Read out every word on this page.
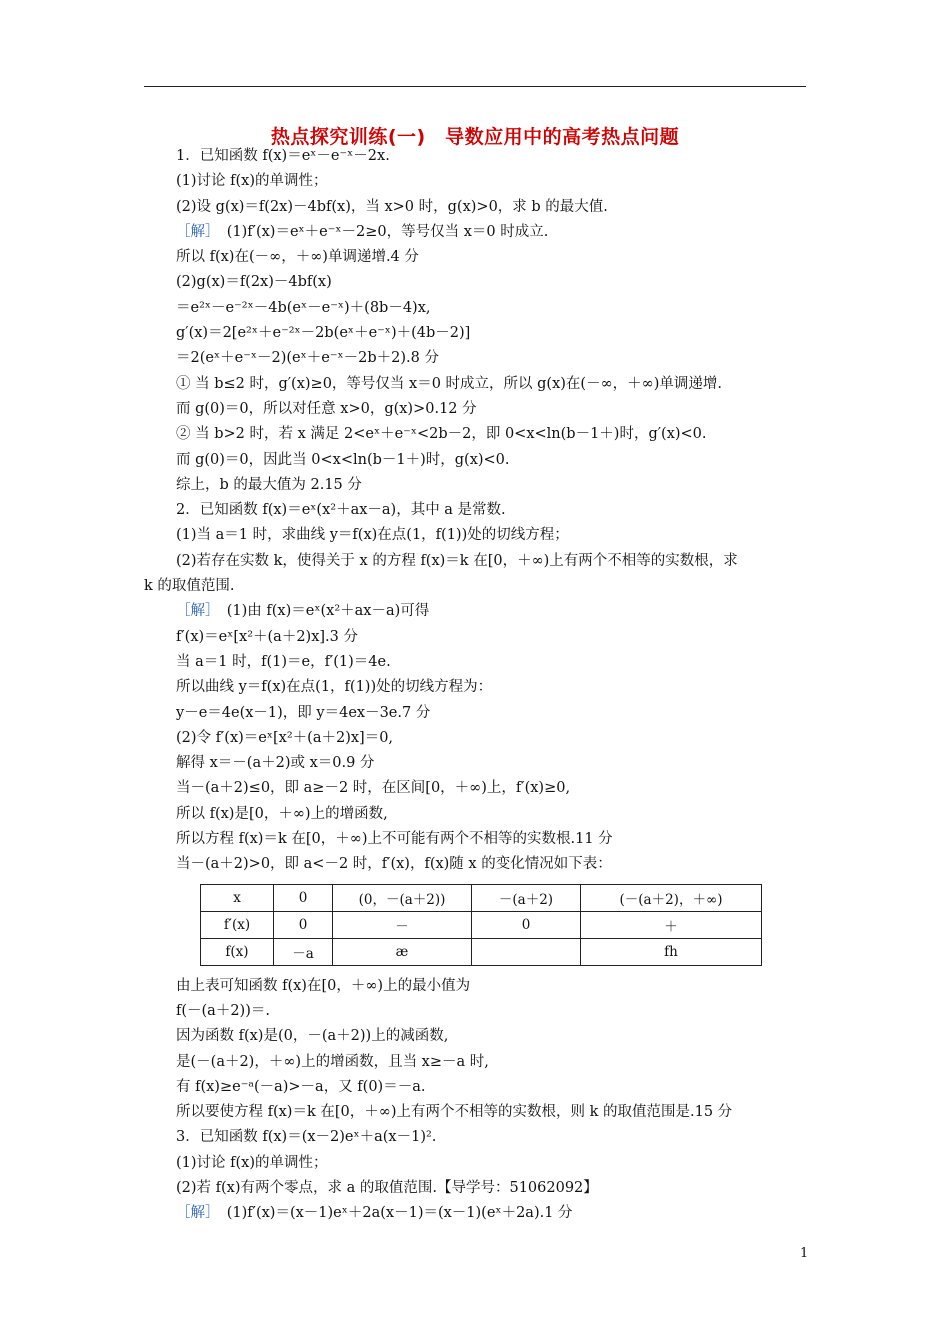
热点探究训练(一)　导数应用中的高考热点问题
1．已知函数 f(x)＝eˣ－e⁻ˣ－2x.
(1)讨论 f(x)的单调性；
(2)设 g(x)＝f(2x)－4bf(x)，当 x>0 时，g(x)>0，求 b 的最大值.
［解］　(1)f′(x)＝eˣ＋e⁻ˣ－2≥0，等号仅当 x＝0 时成立.
所以 f(x)在(－∞，＋∞)单调递增.4 分
(2)g(x)＝f(2x)－4bf(x)
＝e²ˣ－e⁻²ˣ－4b(eˣ－e⁻ˣ)＋(8b－4)x,
g′(x)＝2[e²ˣ＋e⁻²ˣ－2b(eˣ＋e⁻ˣ)＋(4b－2)]
＝2(eˣ＋e⁻ˣ－2)(eˣ＋e⁻ˣ－2b＋2).8 分
① 当 b≤2 时，g′(x)≥0，等号仅当 x＝0 时成立，所以 g(x)在(－∞，＋∞)单调递增.
而 g(0)＝0，所以对任意 x>0，g(x)>0.12 分
② 当 b>2 时，若 x 满足 2<eˣ＋e⁻ˣ<2b－2，即 0<x<ln(b－1＋)时，g′(x)<0.
而 g(0)＝0，因此当 0<x<ln(b－1＋)时，g(x)<0.
综上，b 的最大值为 2.15 分
2．已知函数 f(x)＝eˣ(x²＋ax－a)，其中 a 是常数.
(1)当 a＝1 时，求曲线 y＝f(x)在点(1，f(1))处的切线方程；
(2)若存在实数 k，使得关于 x 的方程 f(x)＝k 在[0，＋∞)上有两个不相等的实数根，求
k 的取值范围.
［解］　(1)由 f(x)＝eˣ(x²＋ax－a)可得
f′(x)＝eˣ[x²＋(a＋2)x].3 分
当 a＝1 时，f(1)＝e，f′(1)＝4e.
所以曲线 y＝f(x)在点(1，f(1))处的切线方程为：
y－e＝4e(x－1)，即 y＝4ex－3e.7 分
(2)令 f′(x)＝eˣ[x²＋(a＋2)x]＝0,
解得 x＝－(a＋2)或 x＝0.9 分
当－(a＋2)≤0，即 a≥－2 时，在区间[0，＋∞)上，f′(x)≥0,
所以 f(x)是[0，＋∞)上的增函数,
所以方程 f(x)＝k 在[0，＋∞)上不可能有两个不相等的实数根.11 分
当－(a＋2)>0，即 a<－2 时，f′(x)，f(x)随 x 的变化情况如下表：
x	0	(0，－(a＋2))	－(a＋2)	(－(a＋2)，＋∞)
f′(x)	0	－	0	＋
f(x)	－a	æ		fh
由上表可知函数 f(x)在[0，＋∞)上的最小值为
f(－(a＋2))＝.
因为函数 f(x)是(0，－(a＋2))上的减函数,
是(－(a＋2)，＋∞)上的增函数，且当 x≥－a 时,
有 f(x)≥e⁻ᵃ(－a)>－a，又 f(0)＝－a.
所以要使方程 f(x)＝k 在[0，＋∞)上有两个不相等的实数根，则 k 的取值范围是.15 分
3．已知函数 f(x)＝(x－2)eˣ＋a(x－1)².
(1)讨论 f(x)的单调性；
(2)若 f(x)有两个零点，求 a 的取值范围.【导学号：51062092】
［解］　(1)f′(x)＝(x－1)eˣ＋2a(x－1)＝(x－1)(eˣ＋2a).1 分
1
